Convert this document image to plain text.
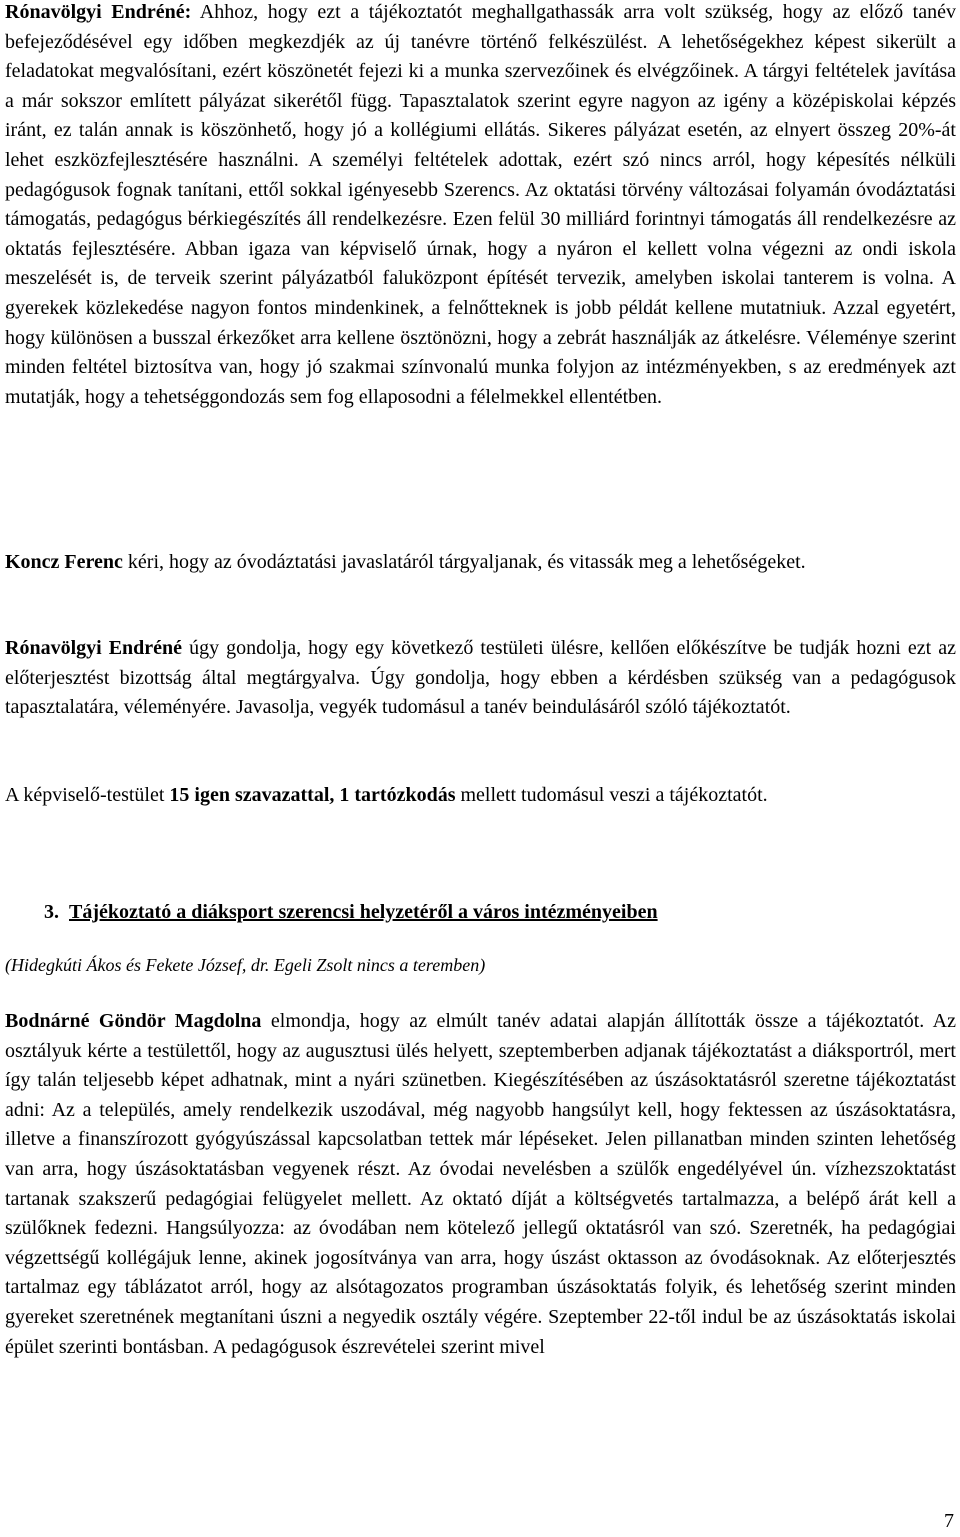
Rónavölgyi Endréné: Ahhoz, hogy ezt a tájékoztatót meghallgathassák arra volt szükség, hogy az előző tanév befejeződésével egy időben megkezdjék az új tanévre történő felkészülést. A lehetőségekhez képest sikerült a feladatokat megvalósítani, ezért köszönetét fejezi ki a munka szervezőinek és elvégzőinek. A tárgyi feltételek javítása a már sokszor említett pályázat sikerétől függ. Tapasztalatok szerint egyre nagyon az igény a középiskolai képzés iránt, ez talán annak is köszönhető, hogy jó a kollégiumi ellátás. Sikeres pályázat esetén, az elnyert összeg 20%-át lehet eszközfejlesztésére használni. A személyi feltételek adottak, ezért szó nincs arról, hogy képesítés nélküli pedagógusok fognak tanítani, ettől sokkal igényesebb Szerencs. Az oktatási törvény változásai folyamán óvodáztatási támogatás, pedagógus bérkiegészítés áll rendelkezésre. Ezen felül 30 milliárd forintnyi támogatás áll rendelkezésre az oktatás fejlesztésére. Abban igaza van képviselő úrnak, hogy a nyáron el kellett volna végezni az ondi iskola meszelését is, de terveik szerint pályázatból faluközpont építését tervezik, amelyben iskolai tanterem is volna. A gyerekek közlekedése nagyon fontos mindenkinek, a felnőtteknek is jobb példát kellene mutatniuk. Azzal egyetért, hogy különösen a busszal érkezőket arra kellene ösztönözni, hogy a zebrát használják az átkelésre. Véleménye szerint minden feltétel biztosítva van, hogy jó szakmai színvonalú munka folyjon az intézményekben, s az eredmények azt mutatják, hogy a tehetséggondozás sem fog ellaposodni a félelmekkel ellentétben.

Koncz Ferenc kéri, hogy az óvodáztatási javaslatáról tárgyaljanak, és vitassák meg a lehetőségeket.

Rónavölgyi Endréné úgy gondolja, hogy egy következő testületi ülésre, kellően előkészítve be tudják hozni ezt az előterjesztést bizottság által megtárgyalva. Úgy gondolja, hogy ebben a kérdésben szükség van a pedagógusok tapasztalatára, véleményére. Javasolja, vegyék tudomásul a tanév beindulásáról szóló tájékoztatót.

A képviselő-testület 15 igen szavazattal, 1 tartózkodás mellett tudomásul veszi a tájékoztatót.

3. Tájékoztató a diáksport szerencsi helyzetéről a város intézményeiben

(Hidegkúti Ákos és Fekete József, dr. Egeli Zsolt nincs a teremben)

Bodnárné Göndör Magdolna elmondja, hogy az elmúlt tanév adatai alapján állították össze a tájékoztatót. Az osztályuk kérte a testülettől, hogy az augusztusi ülés helyett, szeptemberben adjanak tájékoztatást a diáksportról, mert így talán teljesebb képet adhatnak, mint a nyári szünetben. Kiegészítésében az úszásoktatásról szeretne tájékoztatást adni: Az a település, amely rendelkezik uszodával, még nagyobb hangsúlyt kell, hogy fektessen az úszásoktatásra, illetve a finanszírozott gyógyúszással kapcsolatban tettek már lépéseket. Jelen pillanatban minden szinten lehetőség van arra, hogy úszásoktatásban vegyenek részt. Az óvodai nevelésben a szülők engedélyével ún. vízhezszoktatást tartanak szakszerű pedagógiai felügyelet mellett. Az oktató díját a költségvetés tartalmazza, a belépő árát kell a szülőknek fedezni. Hangsúlyozza: az óvodában nem kötelező jellegű oktatásról van szó. Szeretnék, ha pedagógiai végzettségű kollégájuk lenne, akinek jogosítványa van arra, hogy úszást oktasson az óvodásoknak. Az előterjesztés tartalmaz egy táblázatot arról, hogy az alsótagozatos programban úszásoktatás folyik, és lehetőség szerint minden gyereket szeretnének megtanítani úszni a negyedik osztály végére. Szeptember 22-től indul be az úszásoktatás iskolai épület szerinti bontásban. A pedagógusok észrevételei szerint mivel

7
